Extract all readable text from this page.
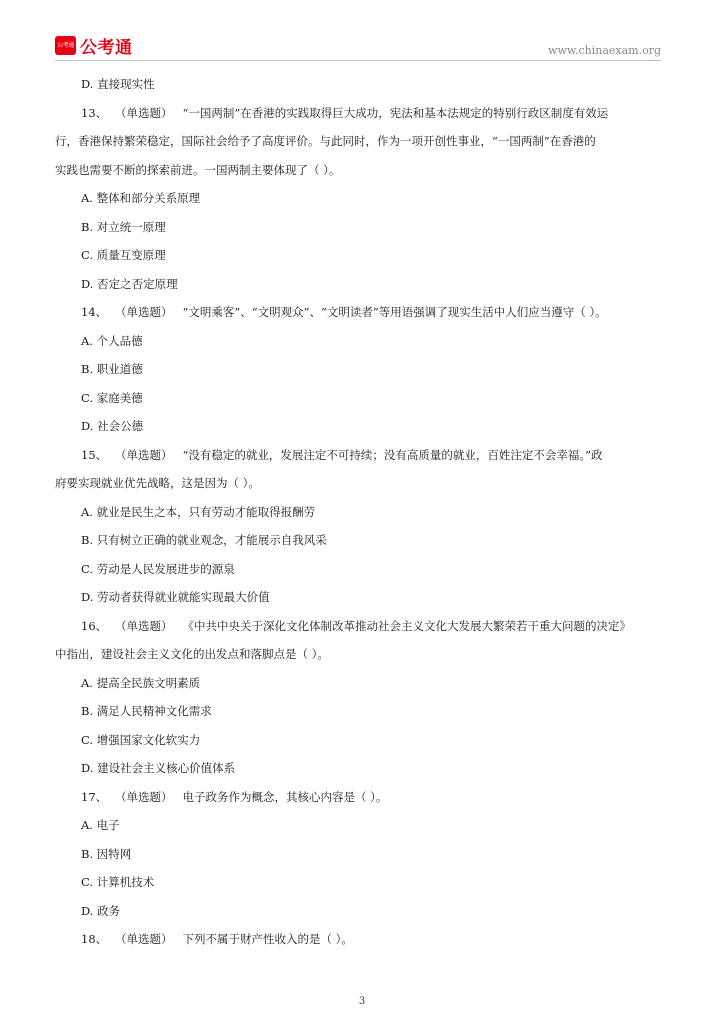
公考通 公考通	www.chinaexam.org
D. 直接现实性
13、 （单选题） “一国两制”在香港的实践取得巨大成功，宪法和基本法规定的特别行政区制度有效运
行，香港保持繁荣稳定，国际社会给予了高度评价。与此同时，作为一项开创性事业，“一国两制”在香港的
实践也需要不断的探索前进。一国两制主要体现了（ ）。
A. 整体和部分关系原理
B. 对立统一原理
C. 质量互变原理
D. 否定之否定原理
14、 （单选题） “文明乘客”、“文明观众”、“文明读者”等用语强调了现实生活中人们应当遵守（ ）。
A. 个人品德
B. 职业道德
C. 家庭美德
D. 社会公德
15、 （单选题） “没有稳定的就业，发展注定不可持续；没有高质量的就业，百姓注定不会幸福。”政
府要实现就业优先战略，这是因为（ ）。
A. 就业是民生之本，只有劳动才能取得报酬劳
B. 只有树立正确的就业观念，才能展示自我风采
C. 劳动是人民发展进步的源泉
D. 劳动者获得就业就能实现最大价值
16、 （单选题） 《中共中央关于深化文化体制改革推动社会主义文化大发展大繁荣若干重大问题的决定》
中指出，建设社会主义文化的出发点和落脚点是（ ）。
A. 提高全民族文明素质
B. 满足人民精神文化需求
C. 增强国家文化软实力
D. 建设社会主义核心价值体系
17、 （单选题） 电子政务作为概念，其核心内容是（ ）。
A. 电子
B. 因特网
C. 计算机技术
D. 政务
18、 （单选题） 下列不属于财产性收入的是（ ）。
3
